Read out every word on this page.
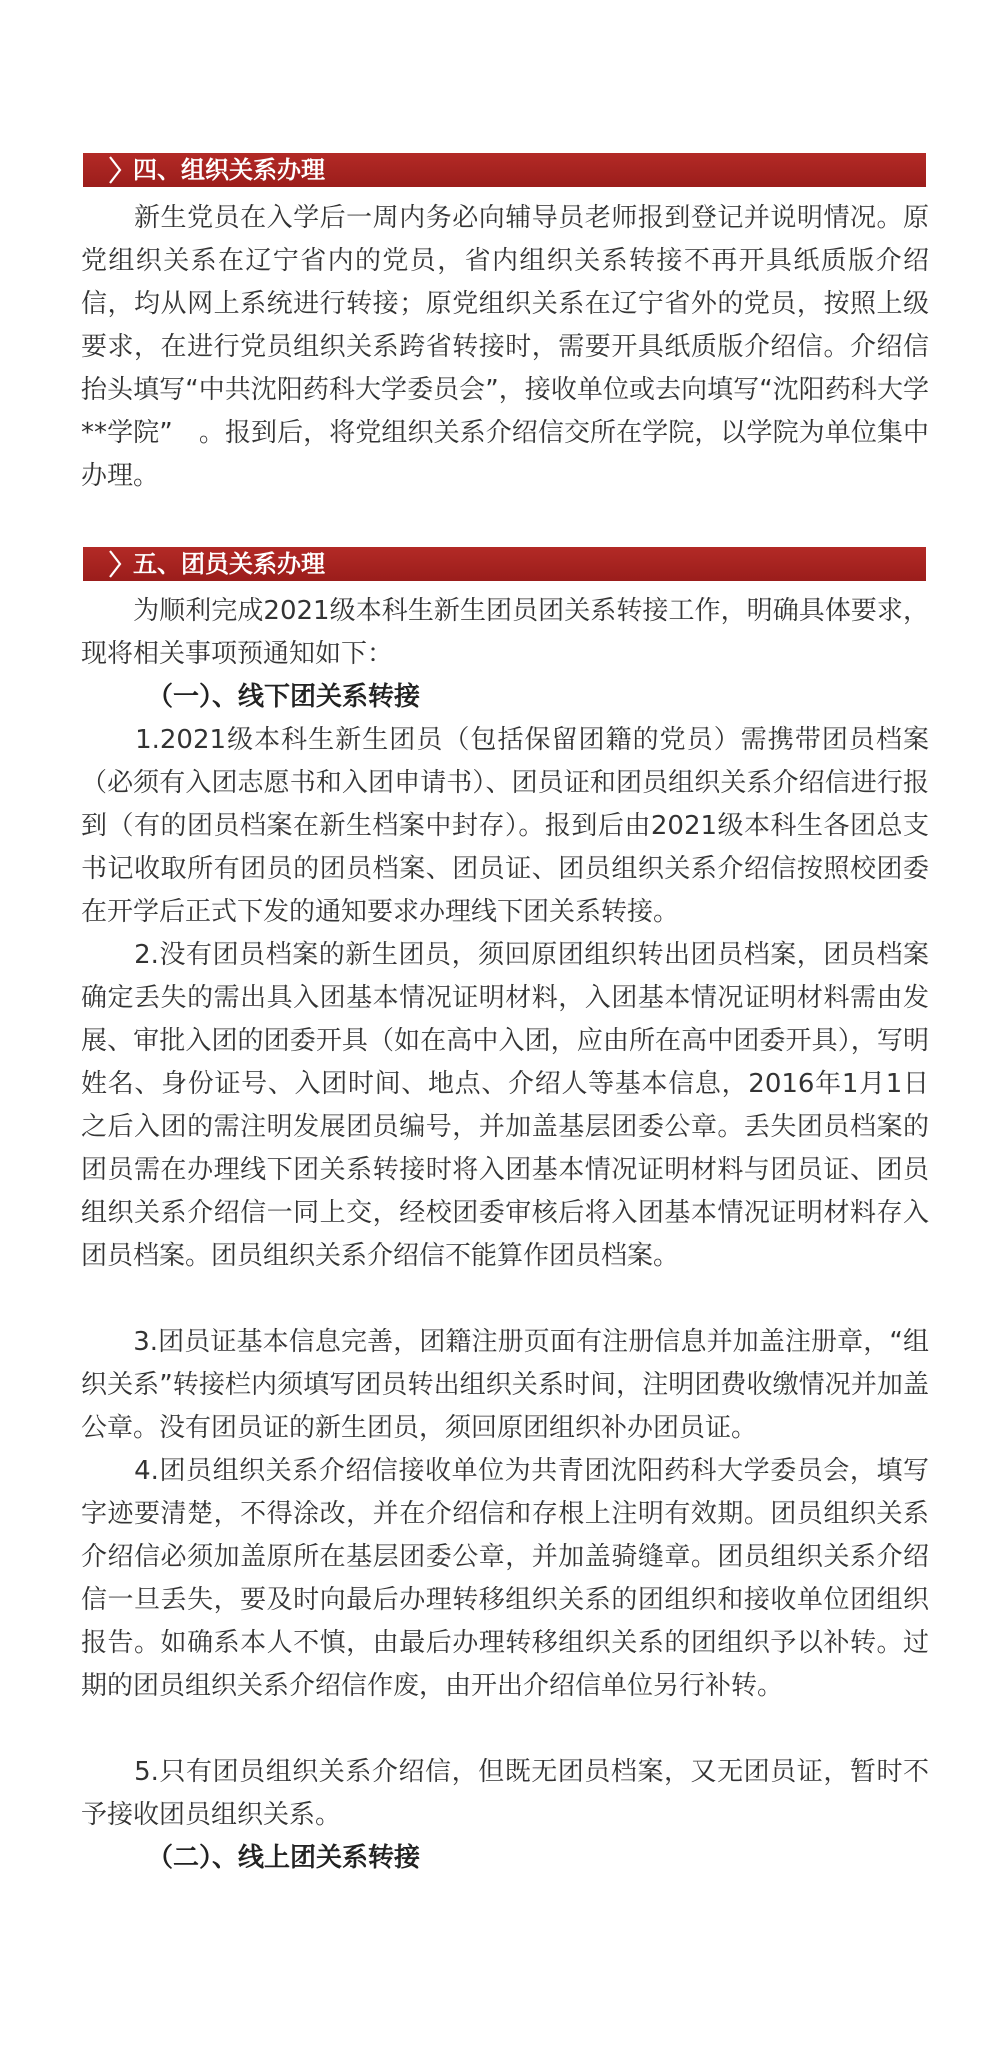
四、组织关系办理

　　新生党员在入学后一周内务必向辅导员老师报到登记并说明情况。原党组织关系在辽宁省内的党员，省内组织关系转接不再开具纸质版介绍信，均从网上系统进行转接；原党组织关系在辽宁省外的党员，按照上级要求，在进行党员组织关系跨省转接时，需要开具纸质版介绍信。介绍信抬头填写“中共沈阳药科大学委员会”，接收单位或去向填写“沈阳药科大学**学院”　。报到后，将党组织关系介绍信交所在学院，以学院为单位集中办理。

五、团员关系办理

　　为顺利完成2021级本科生新生团员团关系转接工作，明确具体要求，现将相关事项预通知如下：

（一）、线下团关系转接

　　1.2021级本科生新生团员（包括保留团籍的党员）需携带团员档案（必须有入团志愿书和入团申请书）、团员证和团员组织关系介绍信进行报到（有的团员档案在新生档案中封存）。报到后由2021级本科生各团总支书记收取所有团员的团员档案、团员证、团员组织关系介绍信按照校团委在开学后正式下发的通知要求办理线下团关系转接。

　　2.没有团员档案的新生团员，须回原团组织转出团员档案，团员档案确定丢失的需出具入团基本情况证明材料，入团基本情况证明材料需由发展、审批入团的团委开具（如在高中入团，应由所在高中团委开具），写明姓名、身份证号、入团时间、地点、介绍人等基本信息，2016年1月1日之后入团的需注明发展团员编号，并加盖基层团委公章。丢失团员档案的团员需在办理线下团关系转接时将入团基本情况证明材料与团员证、团员组织关系介绍信一同上交，经校团委审核后将入团基本情况证明材料存入团员档案。团员组织关系介绍信不能算作团员档案。

　　3.团员证基本信息完善，团籍注册页面有注册信息并加盖注册章，“组织关系”转接栏内须填写团员转出组织关系时间，注明团费收缴情况并加盖公章。没有团员证的新生团员，须回原团组织补办团员证。

　　4.团员组织关系介绍信接收单位为共青团沈阳药科大学委员会，填写字迹要清楚，不得涂改，并在介绍信和存根上注明有效期。团员组织关系介绍信必须加盖原所在基层团委公章，并加盖骑缝章。团员组织关系介绍信一旦丢失，要及时向最后办理转移组织关系的团组织和接收单位团组织报告。如确系本人不慎，由最后办理转移组织关系的团组织予以补转。过期的团员组织关系介绍信作废，由开出介绍信单位另行补转。

　　5.只有团员组织关系介绍信，但既无团员档案，又无团员证，暂时不予接收团员组织关系。

（二）、线上团关系转接
